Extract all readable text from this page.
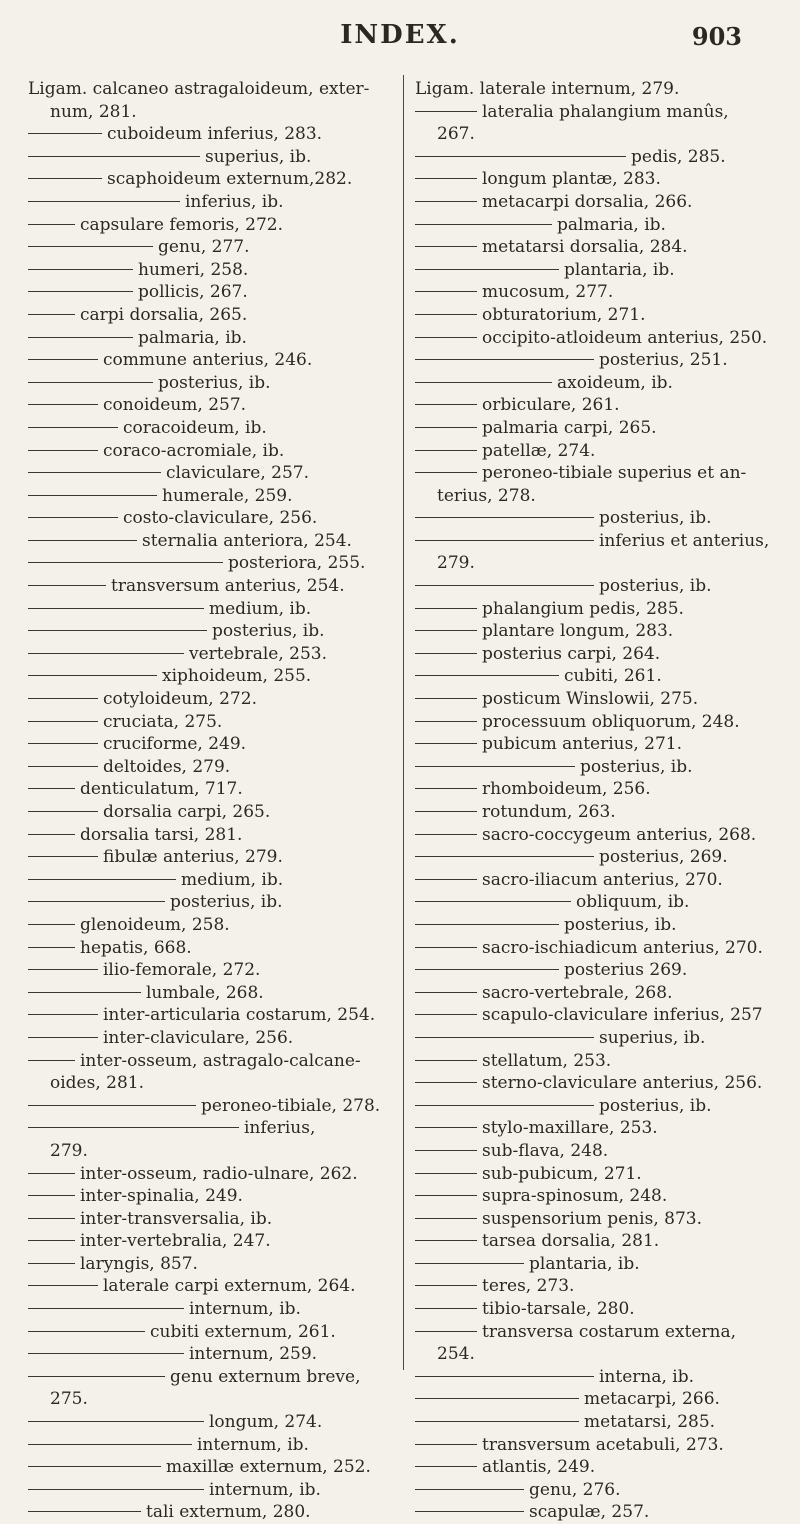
INDEX.	903
Ligam. calcaneo astragaloideum, exter-
num, 281.
cuboideum inferius, 283.
superius, ib.
scaphoideum externum,282.
inferius, ib.
capsulare femoris, 272.
genu, 277.
humeri, 258.
pollicis, 267.
carpi dorsalia, 265.
palmaria, ib.
commune anterius, 246.
posterius, ib.
conoideum, 257.
coracoideum, ib.
coraco-acromiale, ib.
claviculare, 257.
humerale, 259.
costo-claviculare, 256.
sternalia anteriora, 254.
posteriora, 255.
transversum anterius, 254.
medium, ib.
posterius, ib.
vertebrale, 253.
xiphoideum, 255.
cotyloideum, 272.
cruciata, 275.
cruciforme, 249.
deltoides, 279.
denticulatum, 717.
dorsalia carpi, 265.
dorsalia tarsi, 281.
fibulæ anterius, 279.
medium, ib.
posterius, ib.
glenoideum, 258.
hepatis, 668.
ilio-femorale, 272.
lumbale, 268.
inter-articularia costarum, 254.
inter-claviculare, 256.
inter-osseum, astragalo-calcane-
oides, 281.
peroneo-tibiale, 278.
inferius,
279.
inter-osseum, radio-ulnare, 262.
inter-spinalia, 249.
inter-transversalia, ib.
inter-vertebralia, 247.
laryngis, 857.
laterale carpi externum, 264.
internum, ib.
cubiti externum, 261.
internum, 259.
genu externum breve,
275.
longum, 274.
internum, ib.
maxillæ externum, 252.
internum, ib.
tali externum, 280.
Ligam. laterale internum, 279.
lateralia phalangium manûs,
267.
pedis, 285.
longum plantæ, 283.
metacarpi dorsalia, 266.
palmaria, ib.
metatarsi dorsalia, 284.
plantaria, ib.
mucosum, 277.
obturatorium, 271.
occipito-atloideum anterius, 250.
posterius, 251.
axoideum, ib.
orbiculare, 261.
palmaria carpi, 265.
patellæ, 274.
peroneo-tibiale superius et an-
terius, 278.
posterius, ib.
inferius et anterius,
279.
posterius, ib.
phalangium pedis, 285.
plantare longum, 283.
posterius carpi, 264.
cubiti, 261.
posticum Winslowii, 275.
processuum obliquorum, 248.
pubicum anterius, 271.
posterius, ib.
rhomboideum, 256.
rotundum, 263.
sacro-coccygeum anterius, 268.
posterius, 269.
sacro-iliacum anterius, 270.
obliquum, ib.
posterius, ib.
sacro-ischiadicum anterius, 270.
posterius 269.
sacro-vertebrale, 268.
scapulo-claviculare inferius, 257
superius, ib.
stellatum, 253.
sterno-claviculare anterius, 256.
posterius, ib.
stylo-maxillare, 253.
sub-flava, 248.
sub-pubicum, 271.
supra-spinosum, 248.
suspensorium penis, 873.
tarsea dorsalia, 281.
plantaria, ib.
teres, 273.
tibio-tarsale, 280.
transversa costarum externa,
254.
interna, ib.
metacarpi, 266.
metatarsi, 285.
transversum acetabuli, 273.
atlantis, 249.
genu, 276.
scapulæ, 257.
